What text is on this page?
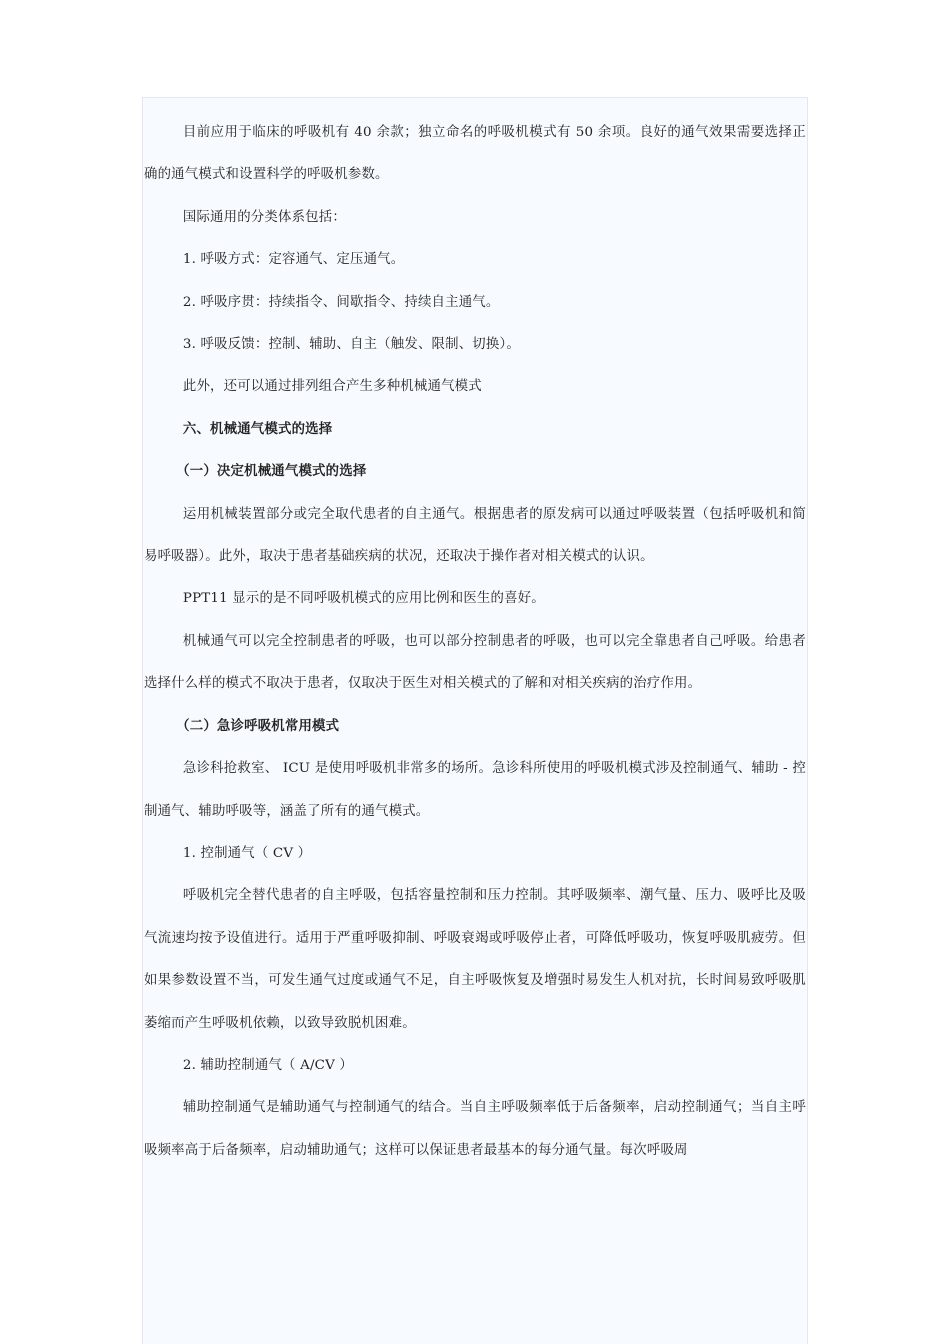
目前应用于临床的呼吸机有 40 余款；独立命名的呼吸机模式有 50 余项。良好的通气效果需要选择正确的通气模式和设置科学的呼吸机参数。

国际通用的分类体系包括：

1. 呼吸方式：定容通气、定压通气。

2. 呼吸序贯：持续指令、间歇指令、持续自主通气。

3. 呼吸反馈：控制、辅助、自主（触发、限制、切换）。

此外，还可以通过排列组合产生多种机械通气模式

六、机械通气模式的选择

（一）决定机械通气模式的选择

运用机械装置部分或完全取代患者的自主通气。根据患者的原发病可以通过呼吸装置（包括呼吸机和简易呼吸器）。此外，取决于患者基础疾病的状况，还取决于操作者对相关模式的认识。

PPT11 显示的是不同呼吸机模式的应用比例和医生的喜好。

机械通气可以完全控制患者的呼吸，也可以部分控制患者的呼吸，也可以完全靠患者自己呼吸。给患者选择什么样的模式不取决于患者，仅取决于医生对相关模式的了解和对相关疾病的治疗作用。

（二）急诊呼吸机常用模式

急诊科抢救室、 ICU 是使用呼吸机非常多的场所。急诊科所使用的呼吸机模式涉及控制通气、辅助 - 控制通气、辅助呼吸等，涵盖了所有的通气模式。

1. 控制通气（ CV ）

呼吸机完全替代患者的自主呼吸，包括容量控制和压力控制。其呼吸频率、潮气量、压力、吸呼比及吸气流速均按予设值进行。适用于严重呼吸抑制、呼吸衰竭或呼吸停止者，可降低呼吸功，恢复呼吸肌疲劳。但如果参数设置不当，可发生通气过度或通气不足，自主呼吸恢复及增强时易发生人机对抗，长时间易致呼吸肌萎缩而产生呼吸机依赖，以致导致脱机困难。

2. 辅助控制通气（ A/CV ）

辅助控制通气是辅助通气与控制通气的结合。当自主呼吸频率低于后备频率，启动控制通气；当自主呼吸频率高于后备频率，启动辅助通气；这样可以保证患者最基本的每分通气量。每次呼吸周
